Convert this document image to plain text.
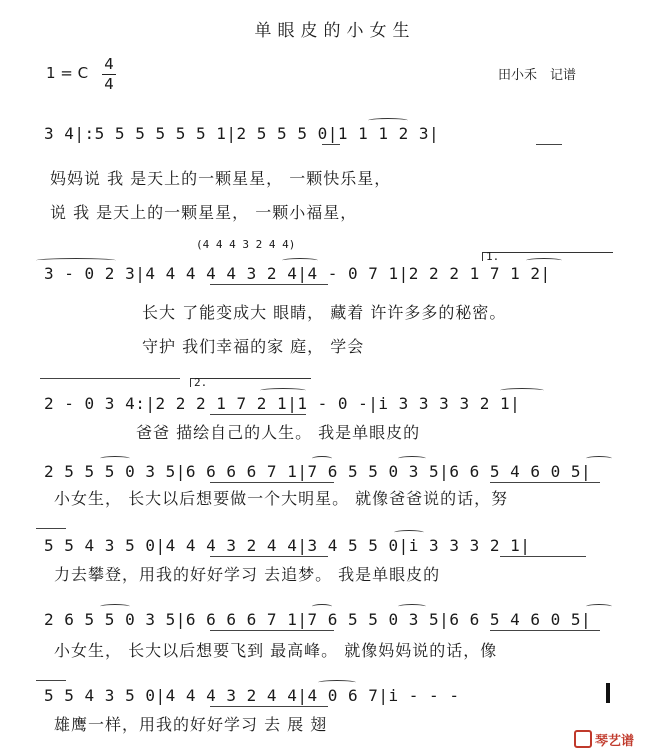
单眼皮的小女生
1 = C 4
4	田小禾　记谱
3 4|:5 5 5 5 5 5 1|2 5 5 5 0|1 1 1 2 3|
妈妈说 我 是天上的一颗星星， 一颗快乐星，
说 我 是天上的一颗星星， 一颗小福星，
(4 4 4 3 2 4 4)
1.
3 - 0 2 3|4 4 4 4 4 3 2 4|4 - 0 7 1|2 2 2 1 7 1 2|
长大 了能变成大 眼睛， 藏着 许许多多的秘密。
守护 我们幸福的家 庭， 学会
2.
2 - 0 3 4:|2 2 2 1 7 2 1|1 - 0 -|i 3 3 3 3 2 1|
爸爸 描绘自己的人生。 我是单眼皮的
2 5 5 5 0 3 5|6 6 6 6 7 1|7 6 5 5 0 3 5|6 6 5 4 6 0 5|
小女生， 长大以后想要做一个大明星。 就像爸爸说的话，努
5 5 4 3 5 0|4 4 4 3 2 4 4|3 4 5 5 0|i 3 3 3 2 1|
力去攀登，用我的好好学习 去追梦。 我是单眼皮的
2 6 5 5 0 3 5|6 6 6 6 7 1|7 6 5 5 0 3 5|6 6 5 4 6 0 5|
小女生， 长大以后想要飞到 最高峰。 就像妈妈说的话，像
5 5 4 3 5 0|4 4 4 3 2 4 4|4 0 6 7|i - - -
雄鹰一样，用我的好好学习 去 展 翅
琴艺谱
